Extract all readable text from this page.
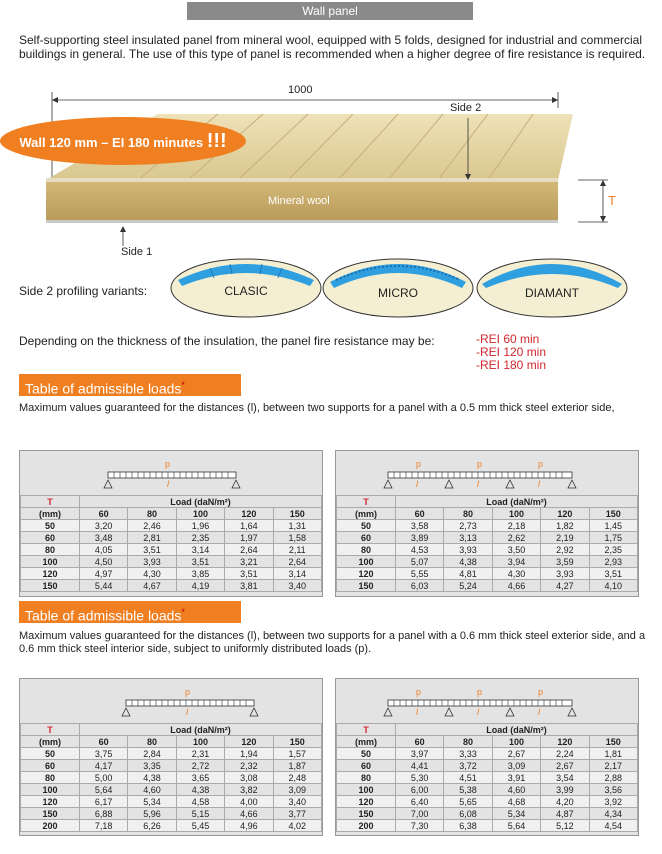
Wall panel
Self-supporting steel insulated panel from mineral wool, equipped with 5 folds, designed for industrial and commercial buildings in general. The use of this type of panel is recommended when a higher degree of fire resistance is required.
1000
Side 2
Mineral wool	T
Side 1
Wall 120 mm – EI 180 minutes !!!
Side 2 profiling variants:	CLASIC	MICRO	DIAMANT
Depending on the thickness of the insulation, the panel fire resistance may be:	-REI 60 min
-REI 120 min
-REI 180 min
Table of admissible loads*
Maximum values guaranteed for the distances (l), between two supports for a panel with a 0.5 mm thick steel exterior side,
p
l
T	Load (daN/m²)				
(mm)	60	80	100	120	150
50	3,20	2,46	1,96	1,64	1,31
60	3,48	2,81	2,35	1,97	1,58
80	4,05	3,51	3,14	2,64	2,11
100	4,50	3,93	3,51	3,21	2,64
120	4,97	4,30	3,85	3,51	3,14
150	5,44	4,67	4,19	3,81	3,40
p	p	p
l	l	l
T	Load (daN/m²)				
(mm)	60	80	100	120	150
50	3,58	2,73	2,18	1,82	1,45
60	3,89	3,13	2,62	2,19	1,75
80	4,53	3,93	3,50	2,92	2,35
100	5,07	4,38	3,94	3,59	2,93
120	5,55	4,81	4,30	3,93	3,51
150	6,03	5,24	4,66	4,27	4,10
Table of admissible loads*
Maximum values guaranteed for the distances (l), between two supports for a panel with a 0.6 mm thick steel exterior side, and a 0.6 mm thick steel interior side, subject to uniformly distributed loads (p).
p
l
T	Load (daN/m²)				
(mm)	60	80	100	120	150
50	3,75	2,84	2,31	1,94	1,57
60	4,17	3,35	2,72	2,32	1,87
80	5,00	4,38	3,65	3,08	2,48
100	5,64	4,60	4,38	3,82	3,09
120	6,17	5,34	4,58	4,00	3,40
150	6,88	5,96	5,15	4,66	3,77
200	7,18	6,26	5,45	4,96	4,02
p	p	p
l	l	l
T	Load (daN/m²)				
(mm)	60	80	100	120	150
50	3,97	3,33	2,67	2,24	1,81
60	4,41	3,72	3,09	2,67	2,17
80	5,30	4,51	3,91	3,54	2,88
100	6,00	5,38	4,60	3,99	3,56
120	6,40	5,65	4,68	4,20	3,92
150	7,00	6,08	5,34	4,87	4,34
200	7,30	6,38	5,64	5,12	4,54
